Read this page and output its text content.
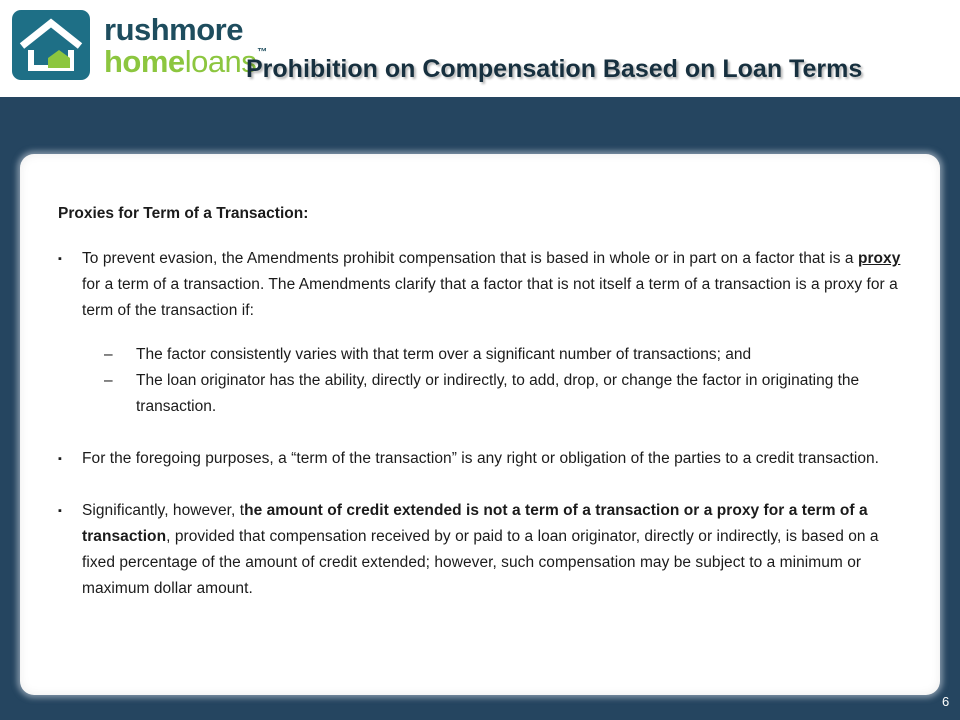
rushmore
homeloans™
Prohibition on Compensation Based on Loan Terms

Proxies for Term of a Transaction:

▪ To prevent evasion, the Amendments prohibit compensation that is based in whole or in part on a factor that is a proxy for a term of a transaction. The Amendments clarify that a factor that is not itself a term of a transaction is a proxy for a term of the transaction if:

– The factor consistently varies with that term over a significant number of transactions; and

– The loan originator has the ability, directly or indirectly, to add, drop, or change the factor in originating the transaction.

▪ For the foregoing purposes, a “term of the transaction” is any right or obligation of the parties to a credit transaction.

▪ Significantly, however, the amount of credit extended is not a term of a transaction or a proxy for a term of a transaction, provided that compensation received by or paid to a loan originator, directly or indirectly, is based on a fixed percentage of the amount of credit extended; however, such compensation may be subject to a minimum or maximum dollar amount.

6
